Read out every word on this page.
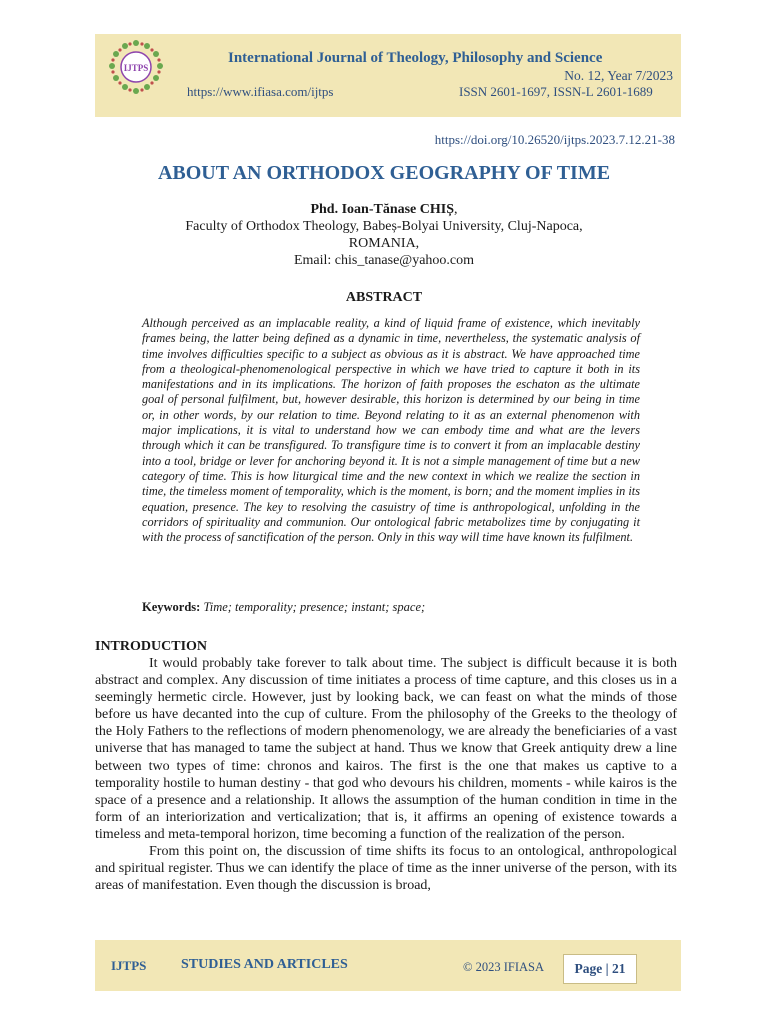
IJTPS
International Journal of Theology, Philosophy and Science
No. 12, Year 7/2023
https://www.ifiasa.com/ijtps	ISSN 2601-1697, ISSN-L 2601-1689
https://doi.org/10.26520/ijtps.2023.7.12.21-38
ABOUT AN ORTHODOX GEOGRAPHY OF TIME
Phd. Ioan-Tănase CHIȘ,
Faculty of Orthodox Theology, Babeș-Bolyai University, Cluj-Napoca,
ROMANIA,
Email: chis_tanase@yahoo.com
ABSTRACT
Although perceived as an implacable reality, a kind of liquid frame of existence, which inevitably frames being, the latter being defined as a dynamic in time, nevertheless, the systematic analysis of time involves difficulties specific to a subject as obvious as it is abstract. We have approached time from a theological-phenomenological perspective in which we have tried to capture it both in its manifestations and in its implications. The horizon of faith proposes the eschaton as the ultimate goal of personal fulfilment, but, however desirable, this horizon is determined by our being in time or, in other words, by our relation to time. Beyond relating to it as an external phenomenon with major implications, it is vital to understand how we can embody time and what are the levers through which it can be transfigured. To transfigure time is to convert it from an implacable destiny into a tool, bridge or lever for anchoring beyond it. It is not a simple management of time but a new category of time. This is how liturgical time and the new context in which we realize the section in time, the timeless moment of temporality, which is the moment, is born; and the moment implies in its equation, presence. The key to resolving the casuistry of time is anthropological, unfolding in the corridors of spirituality and communion. Our ontological fabric metabolizes time by conjugating it with the process of sanctification of the person. Only in this way will time have known its fulfilment.
Keywords: Time; temporality; presence; instant; space;
INTRODUCTION

It would probably take forever to talk about time. The subject is difficult because it is both abstract and complex. Any discussion of time initiates a process of time capture, and this closes us in a seemingly hermetic circle. However, just by looking back, we can feast on what the minds of those before us have decanted into the cup of culture. From the philosophy of the Greeks to the theology of the Holy Fathers to the reflections of modern phenomenology, we are already the beneficiaries of a vast universe that has managed to tame the subject at hand. Thus we know that Greek antiquity drew a line between two types of time: chronos and kairos. The first is the one that makes us captive to a temporality hostile to human destiny - that god who devours his children, moments - while kairos is the space of a presence and a relationship. It allows the assumption of the human condition in time in the form of an interiorization and verticalization; that is, it affirms an opening of existence towards a timeless and meta-temporal horizon, time becoming a function of the realization of the person.

From this point on, the discussion of time shifts its focus to an ontological, anthropological and spiritual register. Thus we can identify the place of time as the inner universe of the person, with its areas of manifestation. Even though the discussion is broad,

IJTPS STUDIES AND ARTICLES	© 2023 IFIASA	Page | 21
